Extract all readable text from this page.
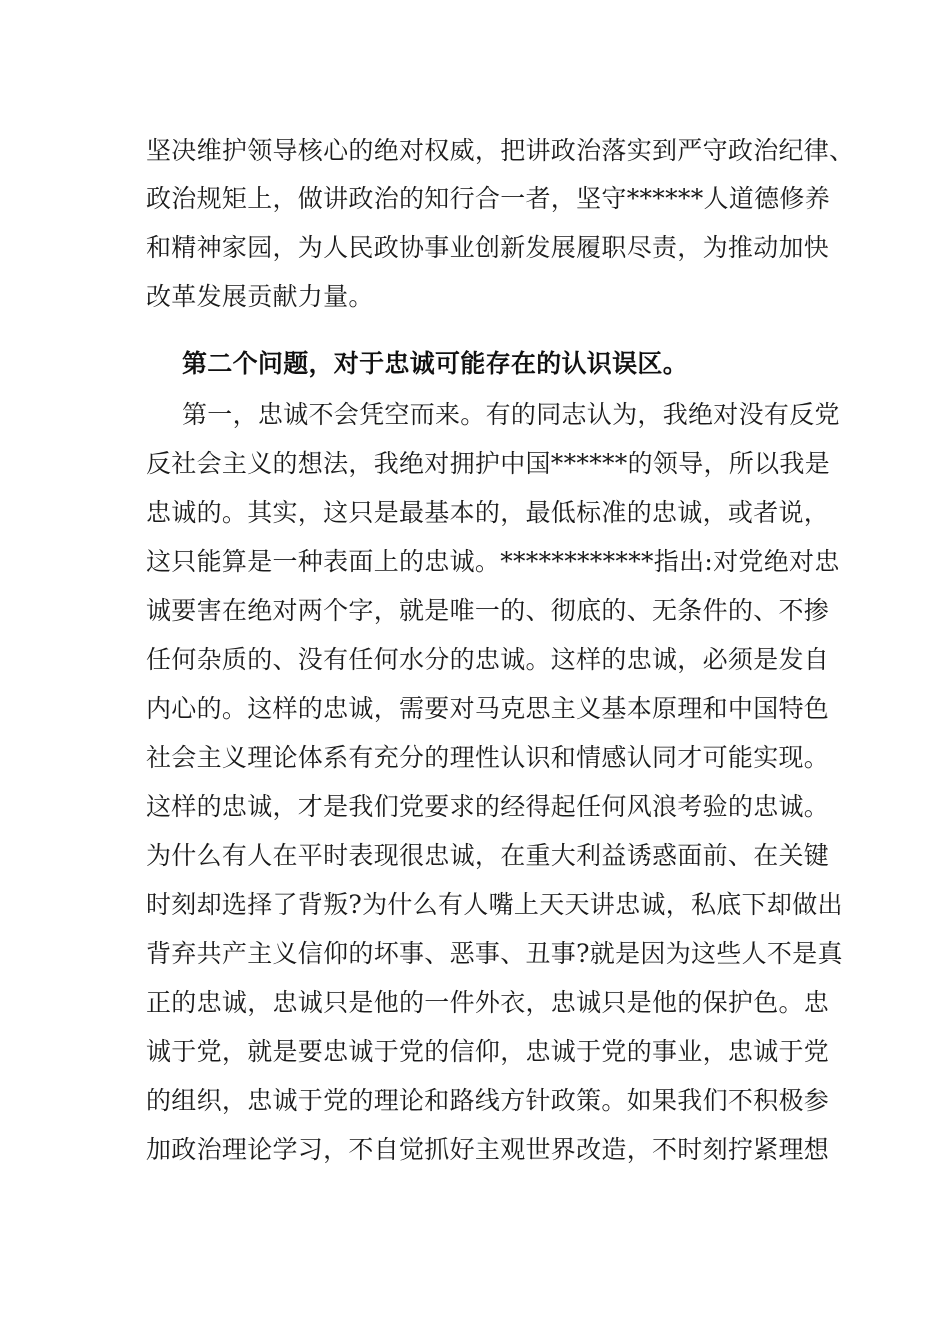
坚决维护领导核心的绝对权威，把讲政治落实到严守政治纪律、
政治规矩上，做讲政治的知行合一者，坚守******人道德修养
和精神家园，为人民政协事业创新发展履职尽责，为推动加快
改革发展贡献力量。
第二个问题，对于忠诚可能存在的认识误区。
第一，忠诚不会凭空而来。有的同志认为，我绝对没有反党
反社会主义的想法，我绝对拥护中国******的领导，所以我是
忠诚的。其实，这只是最基本的，最低标准的忠诚，或者说，
这只能算是一种表面上的忠诚。************指出:对党绝对忠
诚要害在绝对两个字，就是唯一的、彻底的、无条件的、不掺
任何杂质的、没有任何水分的忠诚。这样的忠诚，必须是发自
内心的。这样的忠诚，需要对马克思主义基本原理和中国特色
社会主义理论体系有充分的理性认识和情感认同才可能实现。
这样的忠诚，才是我们党要求的经得起任何风浪考验的忠诚。
为什么有人在平时表现很忠诚，在重大利益诱惑面前、在关键
时刻却选择了背叛?为什么有人嘴上天天讲忠诚，私底下却做出
背弃共产主义信仰的坏事、恶事、丑事?就是因为这些人不是真
正的忠诚，忠诚只是他的一件外衣，忠诚只是他的保护色。忠
诚于党，就是要忠诚于党的信仰，忠诚于党的事业，忠诚于党
的组织，忠诚于党的理论和路线方针政策。如果我们不积极参
加政治理论学习，不自觉抓好主观世界改造，不时刻拧紧理想
